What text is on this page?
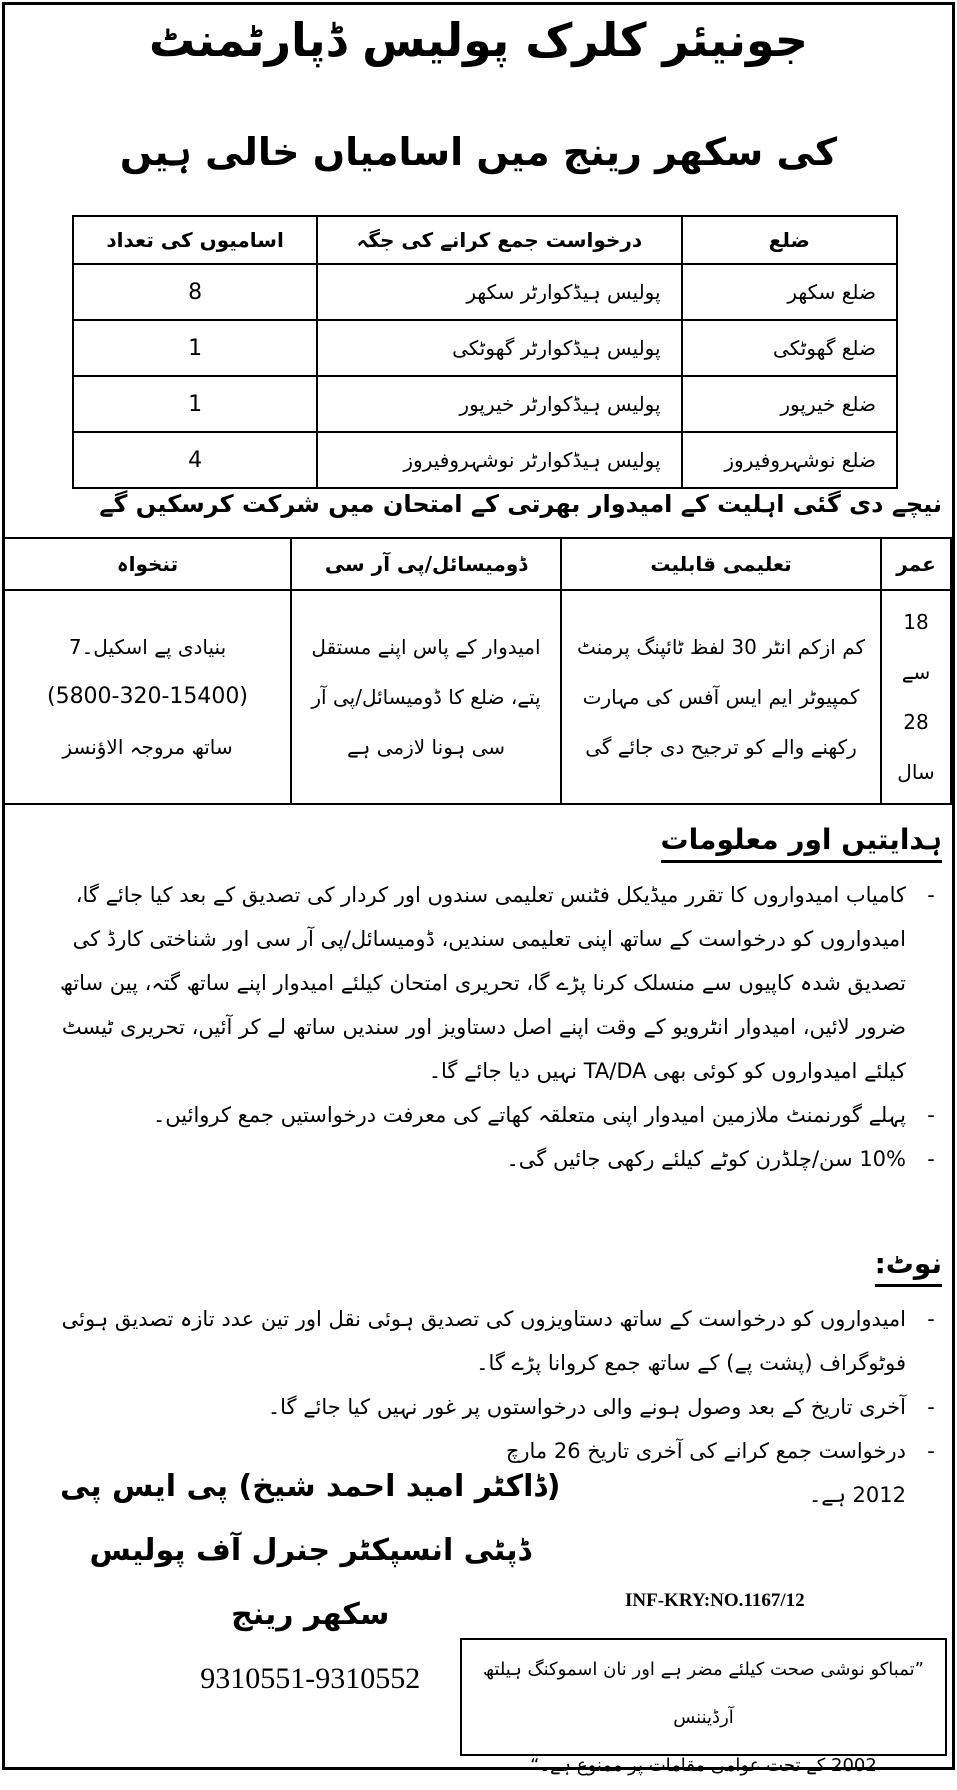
جونیئر کلرک پولیس ڈپارٹمنٹ
کی سکھر رینج میں اسامیاں خالی ہیں
ضلع	درخواست جمع کرانے کی جگہ	اسامیوں کی تعداد
ضلع سکھر	پولیس ہیڈکوارٹر سکھر	8
ضلع گھوٹکی	پولیس ہیڈکوارٹر گھوٹکی	1
ضلع خیرپور	پولیس ہیڈکوارٹر خیرپور	1
ضلع نوشہروفیروز	پولیس ہیڈکوارٹر نوشہروفیروز	4
نیچے دی گئی اہلیت کے امیدوار بھرتی کے امتحان میں شرکت کرسکیں گے
عمر	تعلیمی قابلیت	ڈومیسائل/پی آر سی	تنخواہ
18 سے 28 سال	کم ازکم انٹر 30 لفظ ٹائپنگ پرمنٹ کمپیوٹر ایم ایس آفس کی مہارت رکھنے والے کو ترجیح دی جائے گی	امیدوار کے پاس اپنے مستقل پتے، ضلع کا ڈومیسائل/پی آر سی ہونا لازمی ہے	بنیادی پے اسکیل۔7
(5800-320-15400)
ساتھ مروجہ الاؤنسز
ہدایتیں اور معلومات
-
کامیاب امیدواروں کا تقرر میڈیکل فٹنس تعلیمی سندوں اور کردار کی تصدیق کے بعد کیا جائے گا، امیدواروں کو درخواست کے ساتھ اپنی تعلیمی سندیں، ڈومیسائل/پی آر سی اور شناختی کارڈ کی تصدیق شدہ کاپیوں سے منسلک کرنا پڑے گا، تحریری امتحان کیلئے امیدوار اپنے ساتھ گتہ، پین ساتھ ضرور لائیں، امیدوار انٹرویو کے وقت اپنے اصل دستاویز اور سندیں ساتھ لے کر آئیں، تحریری ٹیسٹ کیلئے امیدواروں کو کوئی بھی TA/DA نہیں دیا جائے گا۔
-
پہلے گورنمنٹ ملازمین امیدوار اپنی متعلقہ کھاتے کی معرفت درخواستیں جمع کروائیں۔
-
10% سن/چلڈرن کوٹے کیلئے رکھی جائیں گی۔
نوٹ:
-
امیدواروں کو درخواست کے ساتھ دستاویزوں کی تصدیق ہوئی نقل اور تین عدد تازہ تصدیق ہوئی فوٹوگراف (پشت پے) کے ساتھ جمع کروانا پڑے گا۔
-
آخری تاریخ کے بعد وصول ہونے والی درخواستوں پر غور نہیں کیا جائے گا۔
-
درخواست جمع کرانے کی آخری تاریخ 26 مارچ 2012 ہے۔
(ڈاکٹر امید احمد شیخ) پی ایس پی
ڈپٹی انسپکٹر جنرل آف پولیس
سکھر رینج
9310551-9310552
INF-KRY:NO.1167/12
”تمباکو نوشی صحت کیلئے مضر ہے اور نان اسموکنگ ہیلتھ آرڈیننس
2002 کے تحت عوامی مقامات پر ممنوع ہے۔“
